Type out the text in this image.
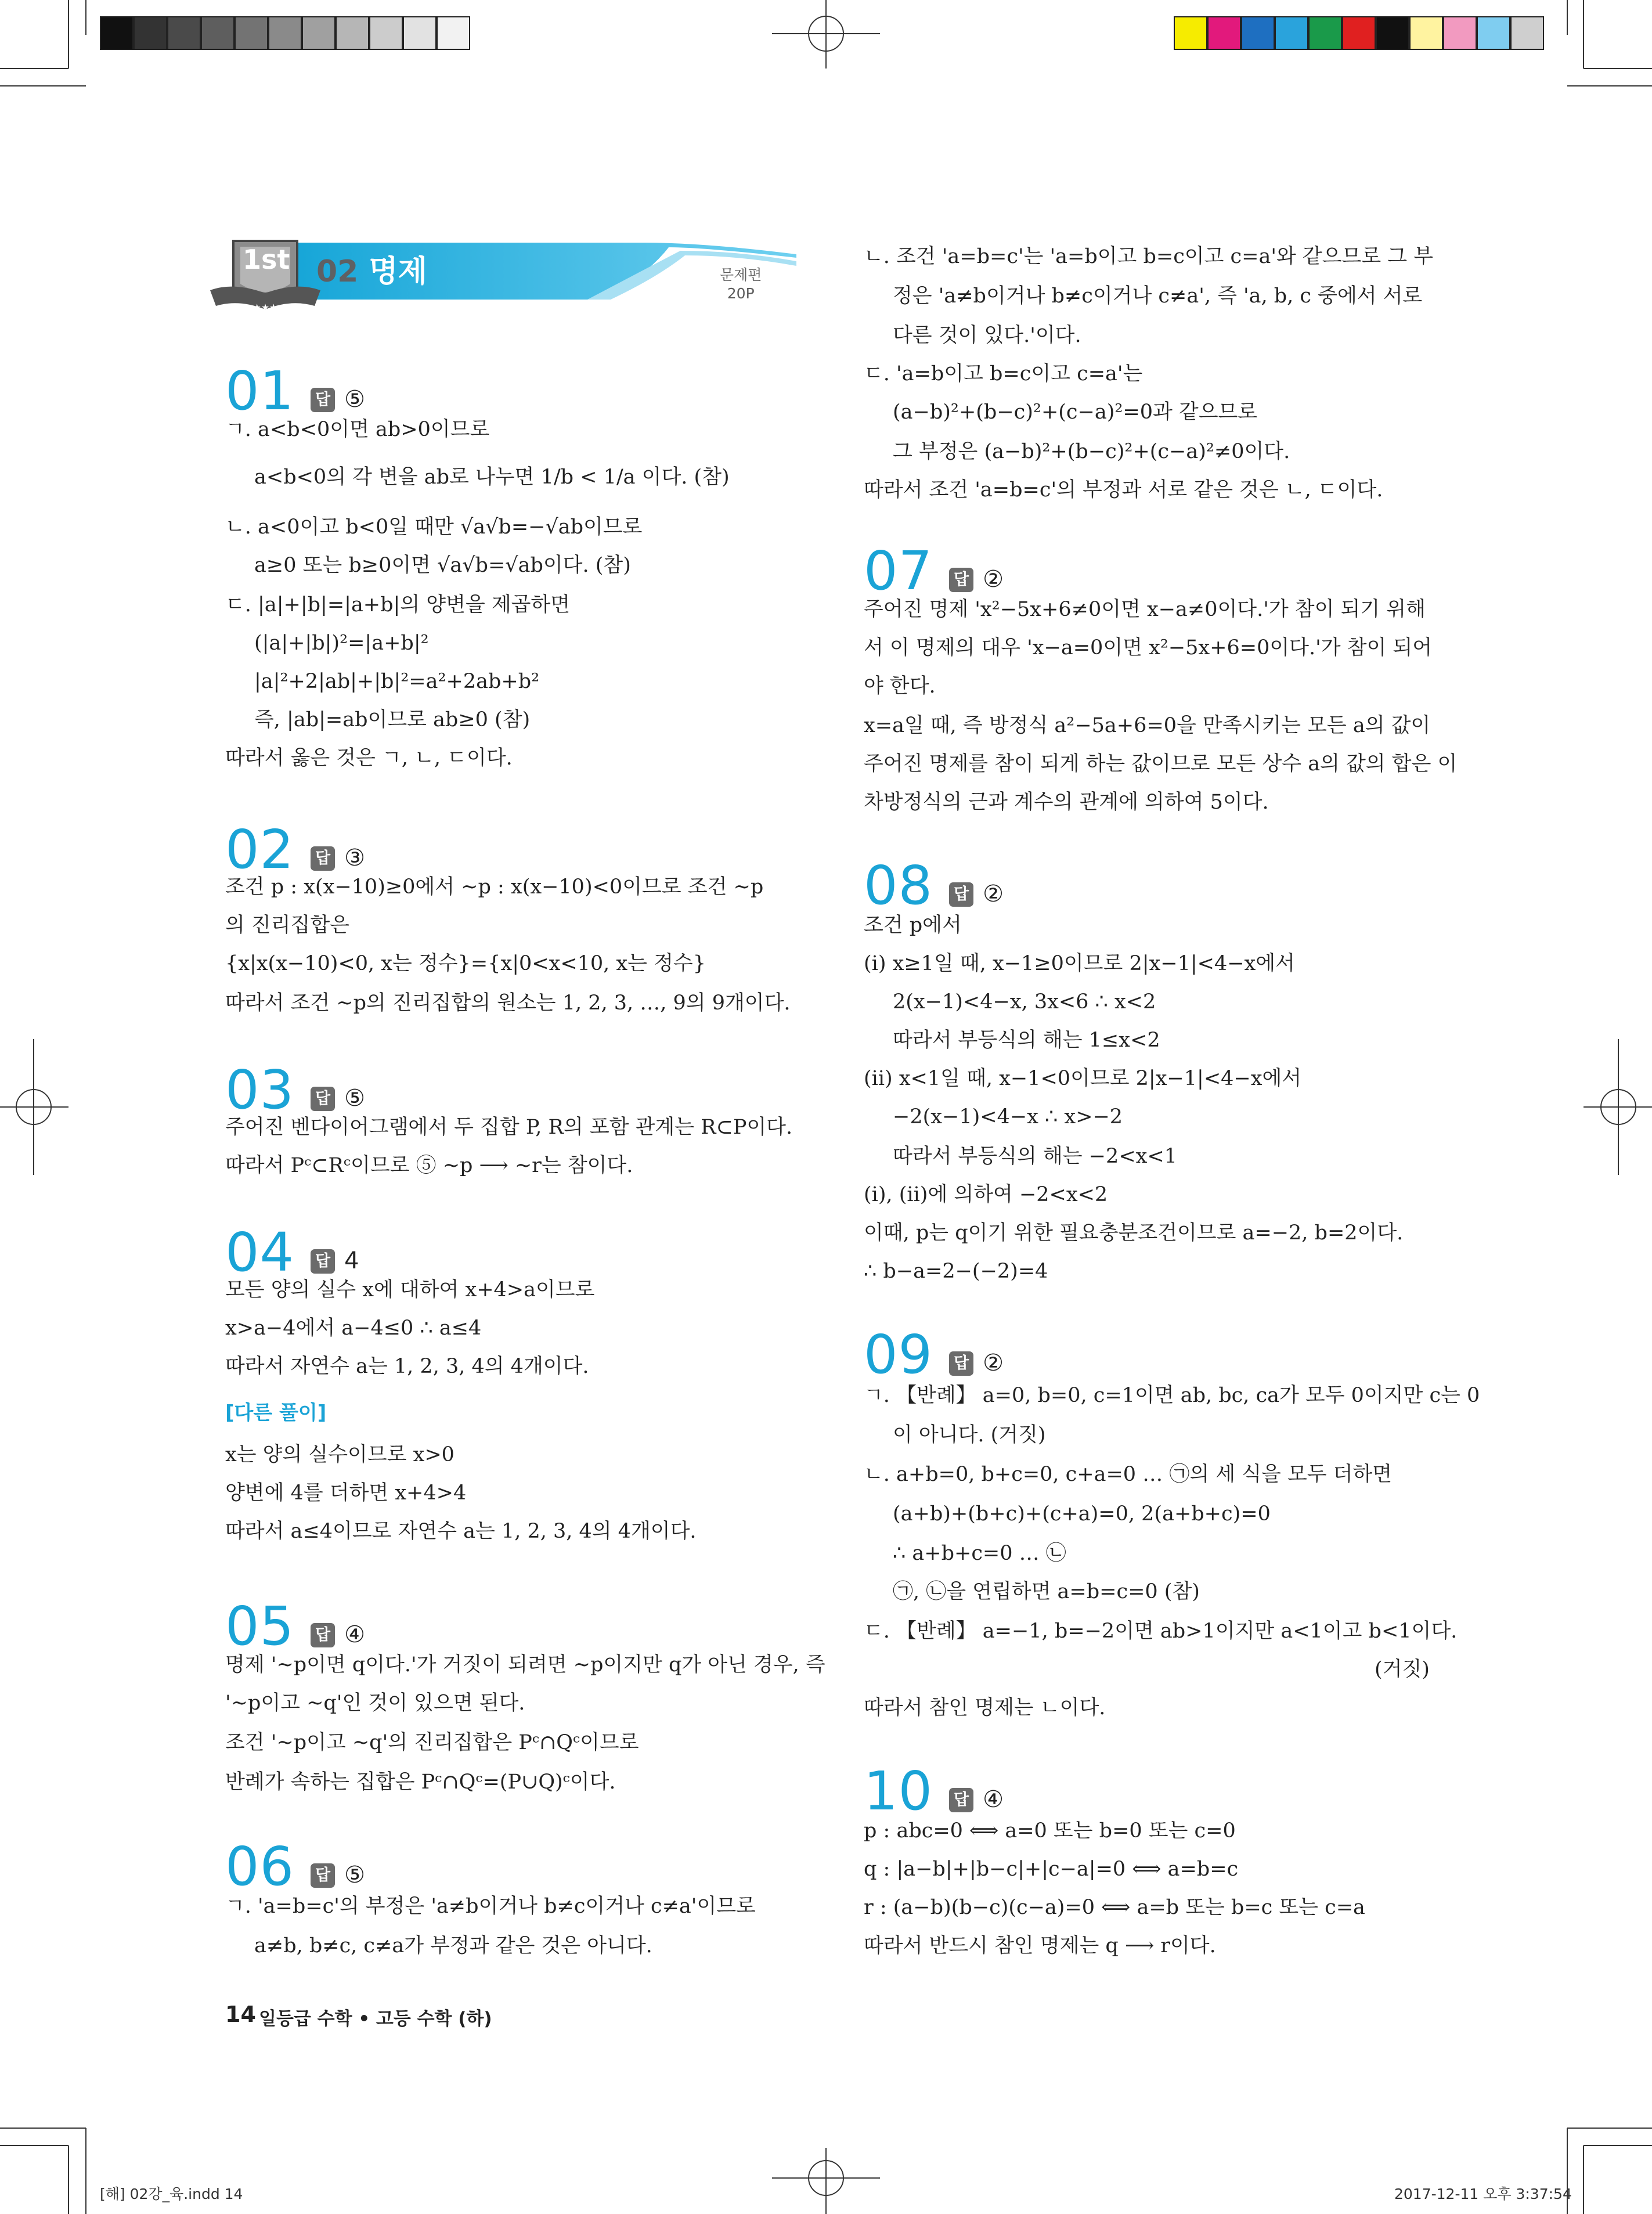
★★★
1st 02 명제	문제편
20P
01 답 ⑤
ㄱ. a<b<0이면 ab>0이므로
a<b<0의 각 변을 ab로 나누면 1/b < 1/a 이다. (참)
ㄴ. a<0이고 b<0일 때만 √a√b=−√ab이므로
a≥0 또는 b≥0이면 √a√b=√ab이다. (참)
ㄷ. |a|+|b|=|a+b|의 양변을 제곱하면
(|a|+|b|)²=|a+b|²
|a|²+2|ab|+|b|²=a²+2ab+b²
즉, |ab|=ab이므로 ab≥0 (참)
따라서 옳은 것은 ㄱ, ㄴ, ㄷ이다.
02 답 ③
조건 p : x(x−10)≥0에서 ~p : x(x−10)<0이므로 조건 ~p
의 진리집합은
{x|x(x−10)<0, x는 정수}={x|0<x<10, x는 정수}
따라서 조건 ~p의 진리집합의 원소는 1, 2, 3, …, 9의 9개이다.
03 답 ⑤
주어진 벤다이어그램에서 두 집합 P, R의 포함 관계는 R⊂P이다.
따라서 Pᶜ⊂Rᶜ이므로 ⑤ ~p ⟶ ~r는 참이다.
04 답 4
모든 양의 실수 x에 대하여 x+4>a이므로
x>a−4에서 a−4≤0 ∴ a≤4
따라서 자연수 a는 1, 2, 3, 4의 4개이다.
[다른 풀이]
x는 양의 실수이므로 x>0
양변에 4를 더하면 x+4>4
따라서 a≤4이므로 자연수 a는 1, 2, 3, 4의 4개이다.
05 답 ④
명제 '~p이면 q이다.'가 거짓이 되려면 ~p이지만 q가 아닌 경우, 즉
'~p이고 ~q'인 것이 있으면 된다.
조건 '~p이고 ~q'의 진리집합은 Pᶜ∩Qᶜ이므로
반례가 속하는 집합은 Pᶜ∩Qᶜ=(P∪Q)ᶜ이다.
06 답 ⑤
ㄱ. 'a=b=c'의 부정은 'a≠b이거나 b≠c이거나 c≠a'이므로
a≠b, b≠c, c≠a가 부정과 같은 것은 아니다.
ㄴ. 조건 'a=b=c'는 'a=b이고 b=c이고 c=a'와 같으므로 그 부
정은 'a≠b이거나 b≠c이거나 c≠a', 즉 'a, b, c 중에서 서로
다른 것이 있다.'이다.
ㄷ. 'a=b이고 b=c이고 c=a'는
(a−b)²+(b−c)²+(c−a)²=0과 같으므로
그 부정은 (a−b)²+(b−c)²+(c−a)²≠0이다.
따라서 조건 'a=b=c'의 부정과 서로 같은 것은 ㄴ, ㄷ이다.
07 답 ②
주어진 명제 'x²−5x+6≠0이면 x−a≠0이다.'가 참이 되기 위해
서 이 명제의 대우 'x−a=0이면 x²−5x+6=0이다.'가 참이 되어
야 한다.
x=a일 때, 즉 방정식 a²−5a+6=0을 만족시키는 모든 a의 값이
주어진 명제를 참이 되게 하는 값이므로 모든 상수 a의 값의 합은 이
차방정식의 근과 계수의 관계에 의하여 5이다.
08 답 ②
조건 p에서
(ⅰ) x≥1일 때, x−1≥0이므로 2|x−1|<4−x에서
2(x−1)<4−x, 3x<6 ∴ x<2
따라서 부등식의 해는 1≤x<2
(ⅱ) x<1일 때, x−1<0이므로 2|x−1|<4−x에서
−2(x−1)<4−x ∴ x>−2
따라서 부등식의 해는 −2<x<1
(ⅰ), (ⅱ)에 의하여 −2<x<2
이때, p는 q이기 위한 필요충분조건이므로 a=−2, b=2이다.
∴ b−a=2−(−2)=4
09 답 ②
ㄱ. 【반례】 a=0, b=0, c=1이면 ab, bc, ca가 모두 0이지만 c는 0
이 아니다. (거짓)
ㄴ. a+b=0, b+c=0, c+a=0 … ㉠의 세 식을 모두 더하면
(a+b)+(b+c)+(c+a)=0, 2(a+b+c)=0
∴ a+b+c=0 … ㉡
㉠, ㉡을 연립하면 a=b=c=0 (참)
ㄷ. 【반례】 a=−1, b=−2이면 ab>1이지만 a<1이고 b<1이다.
(거짓)
따라서 참인 명제는 ㄴ이다.
10 답 ④
p : abc=0 ⟺ a=0 또는 b=0 또는 c=0
q : |a−b|+|b−c|+|c−a|=0 ⟺ a=b=c
r : (a−b)(b−c)(c−a)=0 ⟺ a=b 또는 b=c 또는 c=a
따라서 반드시 참인 명제는 q ⟶ r이다.
14 일등급 수학 • 고등 수학 (하)
[해] 02강_육.indd 14	2017-12-11 오후 3:37:54
